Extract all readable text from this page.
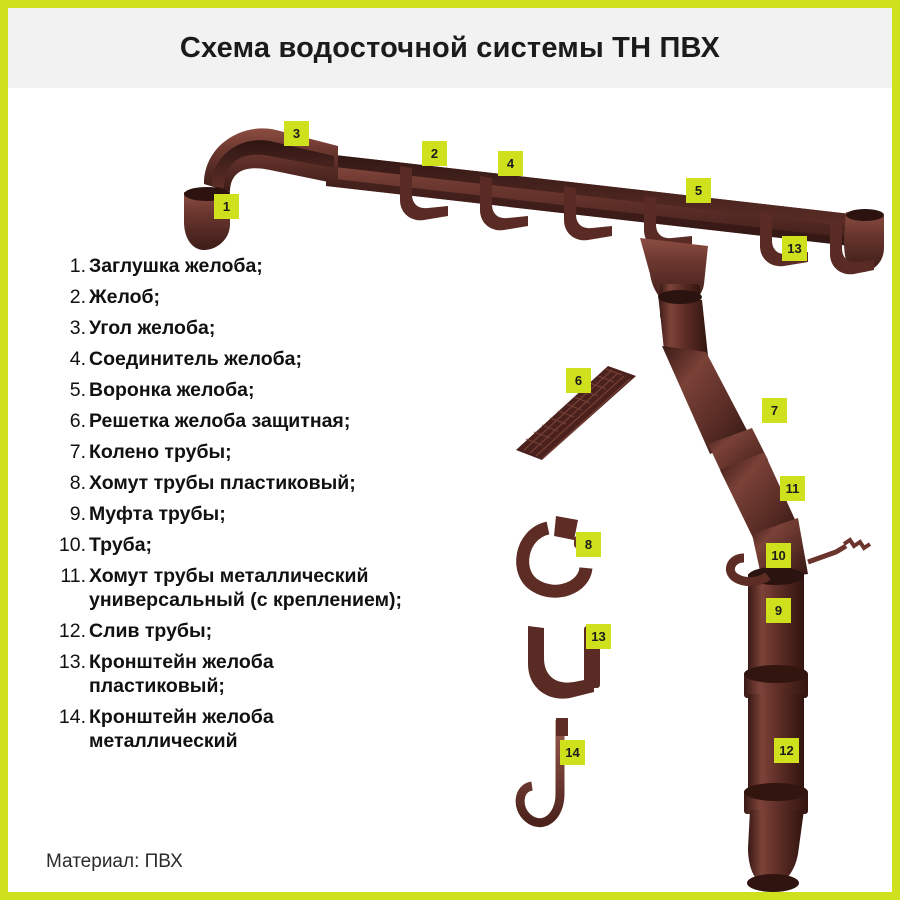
Схема водосточной системы ТН ПВХ
1. Заглушка желоба;
2. Желоб;
3. Угол желоба;
4. Соединитель желоба;
5. Воронка желоба;
6. Решетка желоба защитная;
7. Колено трубы;
8. Хомут трубы пластиковый;
9. Муфта трубы;
10. Труба;
11. Хомут трубы металлический
универсальный (с креплением);
12. Слив трубы;
13. Кронштейн желоба
пластиковый;
14. Кронштейн желоба
металлический
Материал: ПВХ
1
2
3
4
5
6
7
8
9
10
11
12
13
13
14
